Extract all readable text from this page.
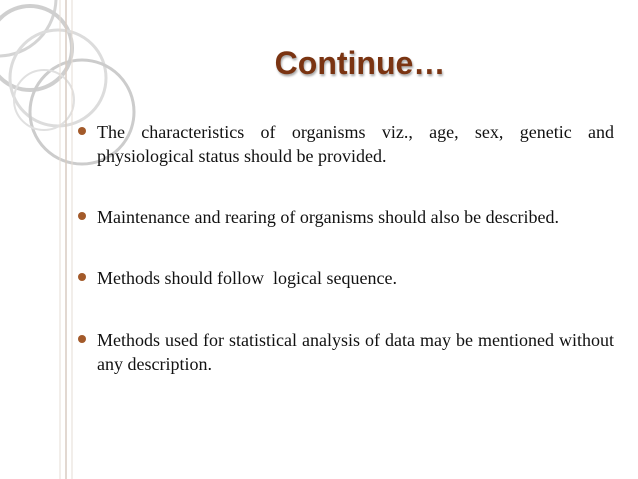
Continue…
The characteristics of organisms viz., age, sex, genetic and physiological status should be provided.
Maintenance and rearing of organisms should also be described.
Methods should follow  logical sequence.
Methods used for statistical analysis of data may be mentioned without any description.
